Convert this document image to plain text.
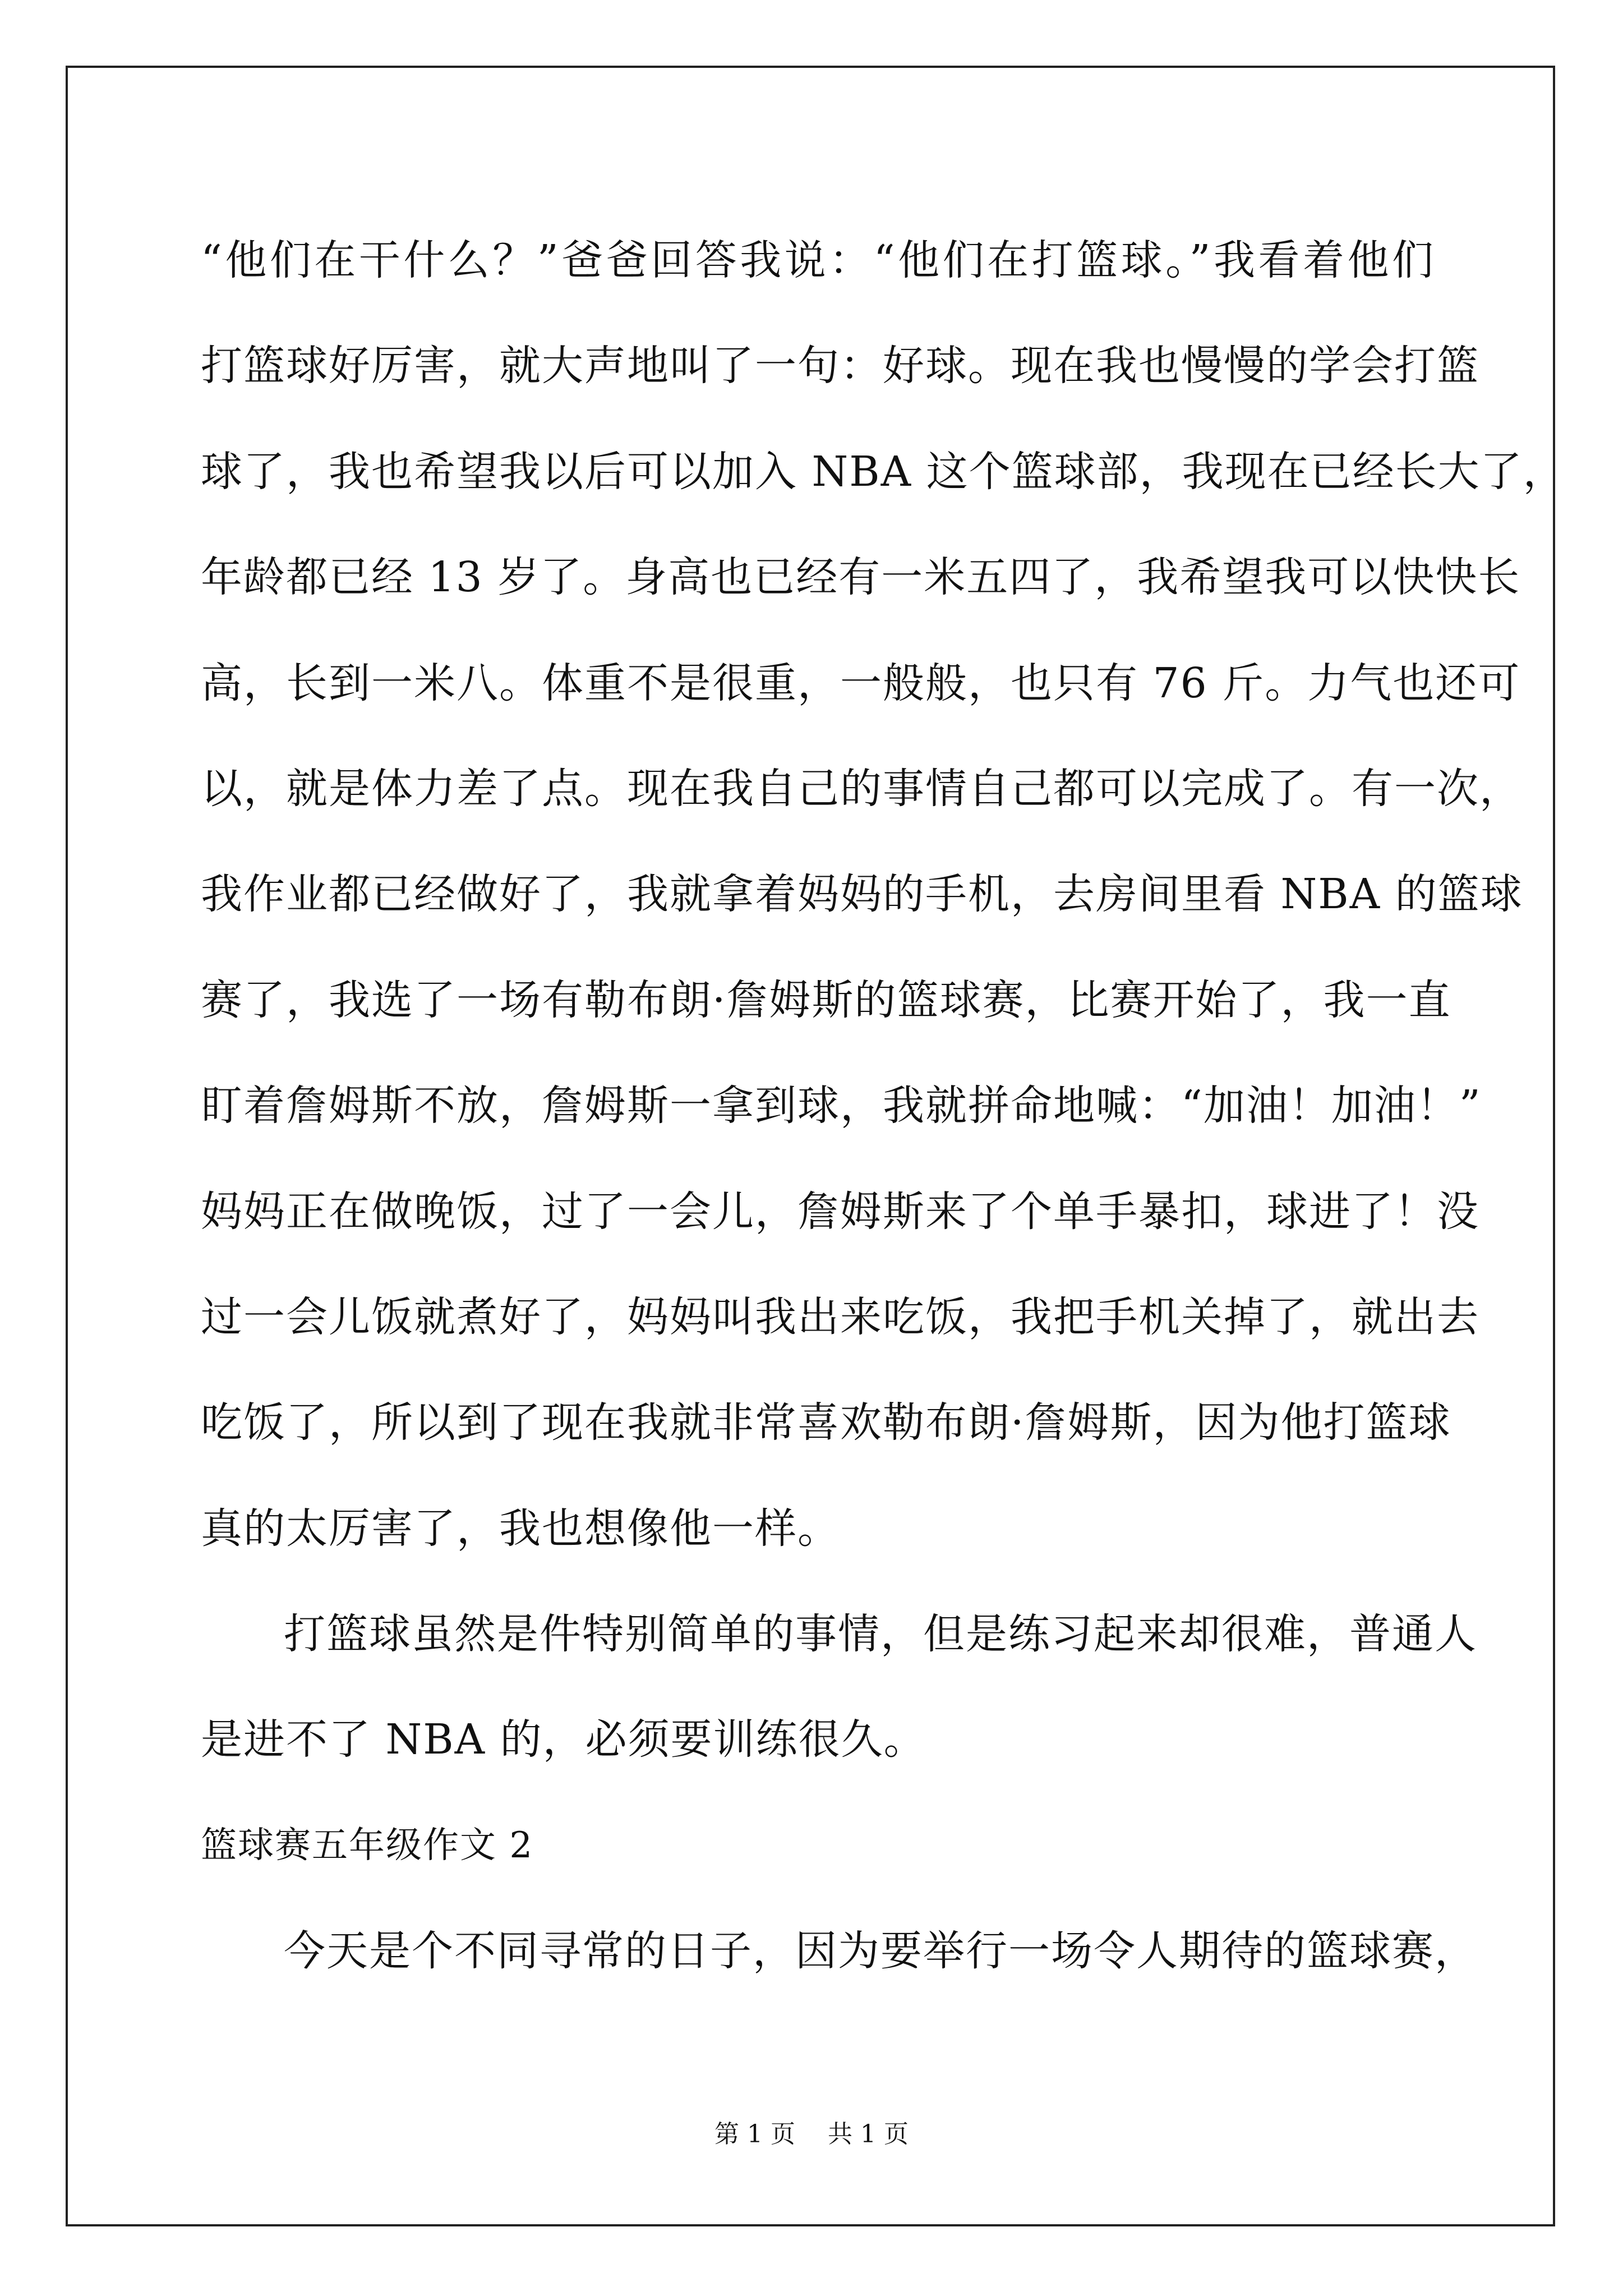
“他们在干什么？”爸爸回答我说：“他们在打篮球。”我看着他们
打篮球好厉害，就大声地叫了一句：好球。现在我也慢慢的学会打篮
球了，我也希望我以后可以加入 NBA 这个篮球部，我现在已经长大了，
年龄都已经 13 岁了。身高也已经有一米五四了，我希望我可以快快长
高，长到一米八。体重不是很重，一般般，也只有 76 斤。力气也还可
以，就是体力差了点。现在我自己的事情自己都可以完成了。有一次，
我作业都已经做好了，我就拿着妈妈的手机，去房间里看 NBA 的篮球
赛了，我选了一场有勒布朗·詹姆斯的篮球赛，比赛开始了，我一直
盯着詹姆斯不放，詹姆斯一拿到球，我就拼命地喊：“加油！加油！”
妈妈正在做晚饭，过了一会儿，詹姆斯来了个单手暴扣，球进了！没
过一会儿饭就煮好了，妈妈叫我出来吃饭，我把手机关掉了，就出去
吃饭了，所以到了现在我就非常喜欢勒布朗·詹姆斯，因为他打篮球
真的太厉害了，我也想像他一样。
打篮球虽然是件特别简单的事情，但是练习起来却很难，普通人
是进不了 NBA 的，必须要训练很久。
篮球赛五年级作文 2
今天是个不同寻常的日子，因为要举行一场令人期待的篮球赛，
第 1 页　 共 1 页
